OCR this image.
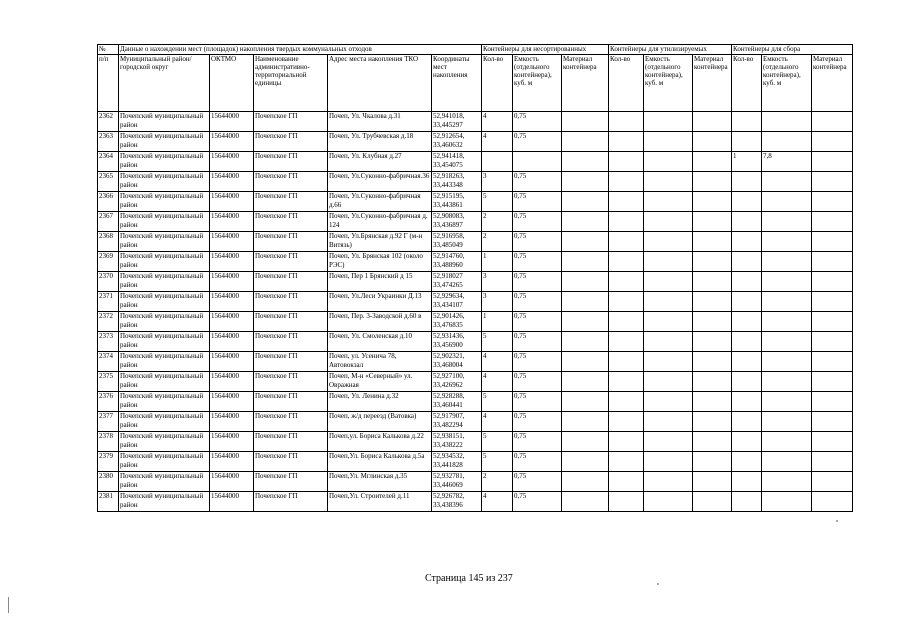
№	Данные о нахождении мест (площадок) накопления твердых коммунальных отходов					Контейнеры для несортированных			Контейнеры для утилизируемых			Контейнеры для сбора		
п/п	Муниципальный район/городской округ	ОКТМО	Наименование административно-территориальной единицы	Адрес места накопления ТКО	Координаты мест накопления	Кол-во	Емкость (отдельного контейнера), куб. м	Материал контейнера	Кол-во	Емкость (отдельного контейнера), куб. м	Материал контейнера	Кол-во	Емкость (отдельного контейнера), куб. м	Материал контейнера
2362	Почепский муниципальный район	15644000	Почепское ГП	Почеп, Ул. Чкалова д.31	52,941018, 33,445297	4	0,75							
2363	Почепский муниципальный район	15644000	Почепское ГП	Почеп, Ул. Трубчевская д.18	52,912654, 33,460632	4	0,75							
2364	Почепский муниципальный район	15644000	Почепское ГП	Почеп, Ул. Клубная д.27	52,941418, 33,454075							1	7,8	
2365	Почепский муниципальный район	15644000	Почепское ГП	Почеп, Ул.Суконно-фабричная.36	52,918263, 33,443348	3	0,75							
2366	Почепский муниципальный район	15644000	Почепское ГП	Почеп, Ул.Суконно-фабричная д.66	52,915195, 33,443861	5	0,75							
2367	Почепский муниципальный район	15644000	Почепское ГП	Почеп, Ул.Суконно-фабричная д. 124	52,908083, 33,436897	2	0,75							
2368	Почепский муниципальный район	15644000	Почепское ГП	Почеп, Ул.Брянская д.92 Г (м-н Витязь)	52,916958, 33,485049	2	0,75							
2369	Почепский муниципальный район	15644000	Почепское ГП	Почеп, Ул. Брянская 102 (около РЭС)	52,914760, 33,488960	1	0,75							
2370	Почепский муниципальный район	15644000	Почепское ГП	Почеп, Пер 1 Брянский д 15	52,918027 33,474265	3	0,75							
2371	Почепский муниципальный район	15644000	Почепское ГП	Почеп, Ул.Леси Украинки Д.13	52,929634, 33,434107	3	0,75							
2372	Почепский муниципальный район	15644000	Почепское ГП	Почеп, Пер. 3-Заводской д.60 в	52,901426, 33,476835	1	0,75							
2373	Почепский муниципальный район	15644000	Почепское ГП	Почеп, Ул. Смоленская д.10	52,931436, 33,456900	5	0,75							
2374	Почепский муниципальный район	15644000	Почепское ГП	Почеп, ул. Усенича 78, Автовокзал	52,902321, 33,468004	4	0,75							
2375	Почепский муниципальный район	15644000	Почепское ГП	Почеп, М-н «Северный» ул. Овражная	52,927100, 33,426962	4	0,75							
2376	Почепский муниципальный район	15644000	Почепское ГП	Почеп, Ул. Ленина д.32	52,928288, 33,460441	5	0,75							
2377	Почепский муниципальный район	15644000	Почепское ГП	Почеп, ж/д переезд (Ватовка)	52,917907, 33,482294	4	0,75							
2378	Почепский муниципальный район	15644000	Почепское ГП	Почеп,ул. Бориса Калькова д.22	52,938151, 33,438222	5	0,75							
2379	Почепский муниципальный район	15644000	Почепское ГП	Почеп,Ул. Бориса Калькова д.5а	52,934532, 33,441828	5	0,75							
2380	Почепский муниципальный район	15644000	Почепское ГП	Почеп,Ул. Мглинская д.35	52,932781, 33,446069	2	0,75							
2381	Почепский муниципальный район	15644000	Почепское ГП	Почеп,Ул. Строителей д.11	52,926782, 33,438396	4	0,75							
Страница 145 из 237
